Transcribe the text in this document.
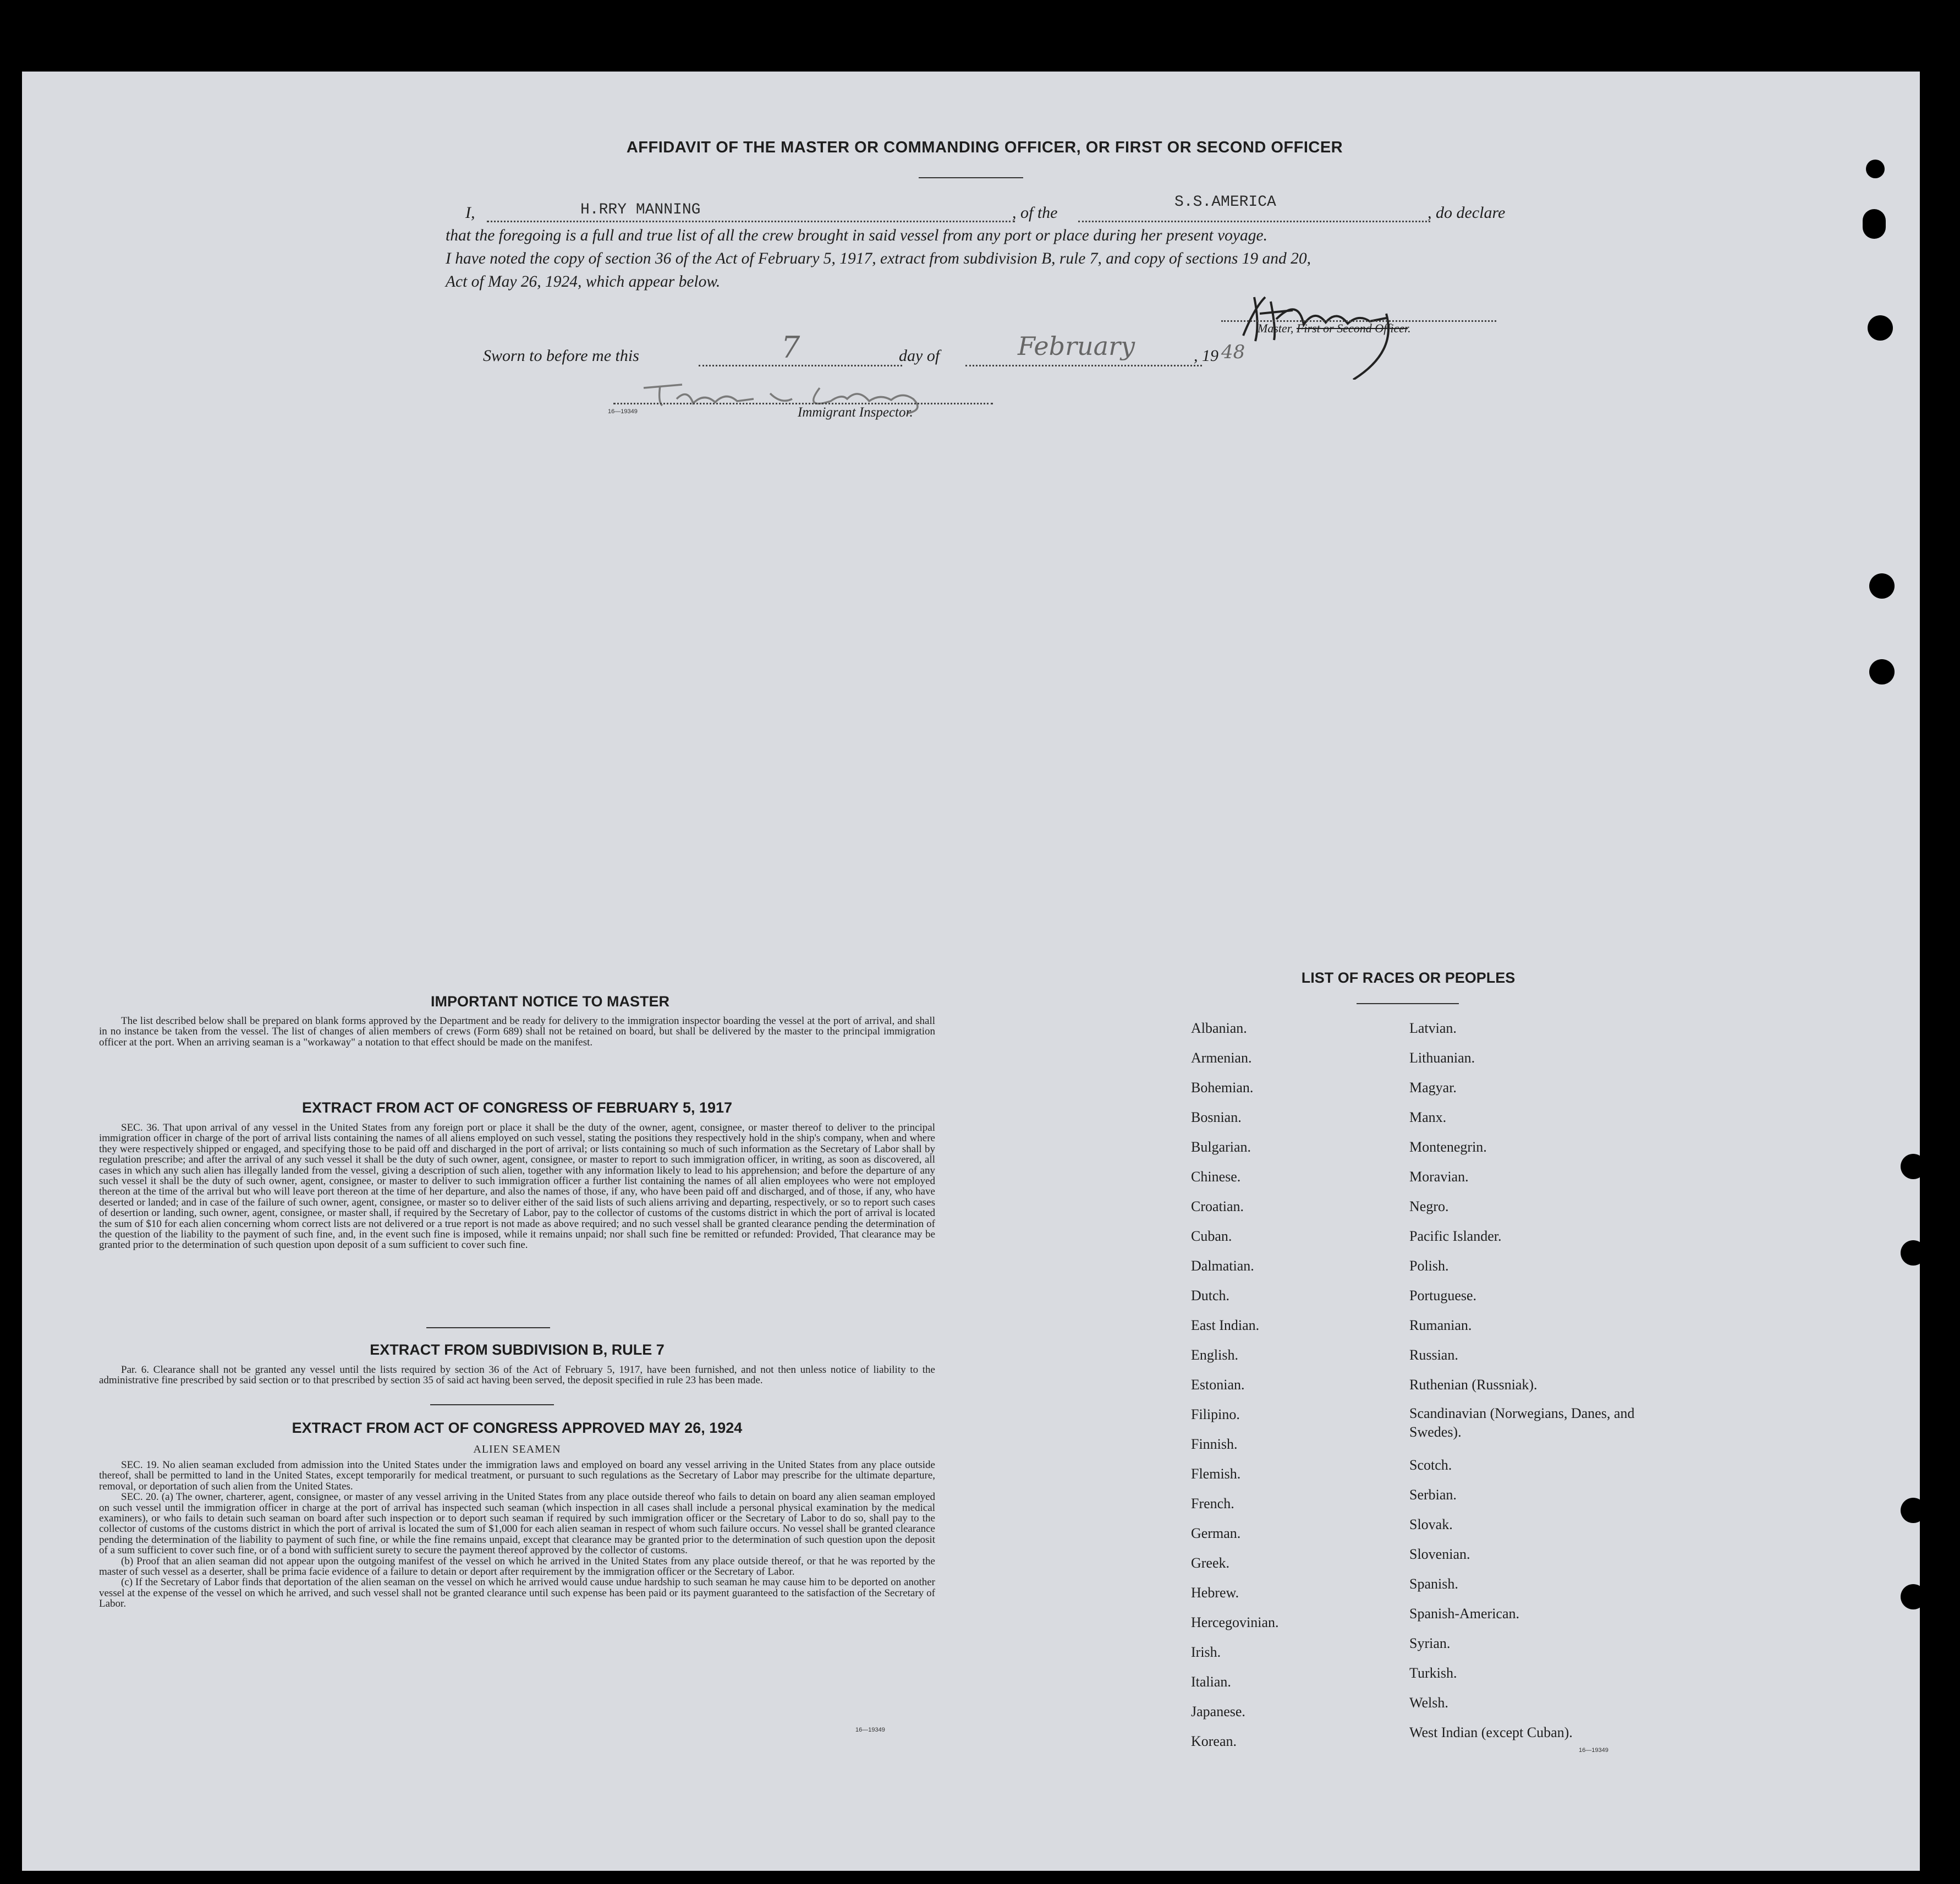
AFFIDAVIT OF THE MASTER OR COMMANDING OFFICER, OR FIRST OR SECOND OFFICER
I,	H.RRY MANNING	, of the
S.S.AMERICA
, do declare
that the foregoing is a full and true list of all the crew brought in said vessel from any port or place during her present voyage.
I have noted the copy of section 36 of the Act of February 5, 1917, extract from subdivision B, rule 7, and copy of sections 19 and 20,
Act of May 26, 1924, which appear below.
Master, First or Second Officer.
Sworn to before me this	7	day of	February	, 19 48
Immigrant Inspector.
16—19349
IMPORTANT NOTICE TO MASTER

The list described below shall be prepared on blank forms approved by the Department and be ready for delivery to the immigration inspector boarding the vessel at the port of arrival, and shall in no instance be taken from the vessel. The list of changes of alien members of crews (Form 689) shall not be retained on board, but shall be delivered by the master to the principal immigration officer at the port. When an arriving seaman is a "workaway" a notation to that effect should be made on the manifest.

EXTRACT FROM ACT OF CONGRESS OF FEBRUARY 5, 1917

SEC. 36. That upon arrival of any vessel in the United States from any foreign port or place it shall be the duty of the owner, agent, consignee, or master thereof to deliver to the principal immigration officer in charge of the port of arrival lists containing the names of all aliens employed on such vessel, stating the positions they respectively hold in the ship's company, when and where they were respectively shipped or engaged, and specifying those to be paid off and discharged in the port of arrival; or lists containing so much of such information as the Secretary of Labor shall by regulation prescribe; and after the arrival of any such vessel it shall be the duty of such owner, agent, consignee, or master to report to such immigration officer, in writing, as soon as discovered, all cases in which any such alien has illegally landed from the vessel, giving a description of such alien, together with any information likely to lead to his apprehension; and before the departure of any such vessel it shall be the duty of such owner, agent, consignee, or master to deliver to such immigration officer a further list containing the names of all alien employees who were not employed thereon at the time of the arrival but who will leave port thereon at the time of her departure, and also the names of those, if any, who have been paid off and discharged, and of those, if any, who have deserted or landed; and in case of the failure of such owner, agent, consignee, or master so to deliver either of the said lists of such aliens arriving and departing, respectively, or so to report such cases of desertion or landing, such owner, agent, consignee, or master shall, if required by the Secretary of Labor, pay to the collector of customs of the customs district in which the port of arrival is located the sum of $10 for each alien concerning whom correct lists are not delivered or a true report is not made as above required; and no such vessel shall be granted clearance pending the determination of the question of the liability to the payment of such fine, and, in the event such fine is imposed, while it remains unpaid; nor shall such fine be remitted or refunded: Provided, That clearance may be granted prior to the determination of such question upon deposit of a sum sufficient to cover such fine.

EXTRACT FROM SUBDIVISION B, RULE 7

Par. 6. Clearance shall not be granted any vessel until the lists required by section 36 of the Act of February 5, 1917, have been furnished, and not then unless notice of liability to the administrative fine prescribed by said section or to that prescribed by section 35 of said act having been served, the deposit specified in rule 23 has been made.

EXTRACT FROM ACT OF CONGRESS APPROVED MAY 26, 1924
ALIEN SEAMEN

SEC. 19. No alien seaman excluded from admission into the United States under the immigration laws and employed on board any vessel arriving in the United States from any place outside thereof, shall be permitted to land in the United States, except temporarily for medical treatment, or pursuant to such regulations as the Secretary of Labor may prescribe for the ultimate departure, removal, or deportation of such alien from the United States.

SEC. 20. (a) The owner, charterer, agent, consignee, or master of any vessel arriving in the United States from any place outside thereof who fails to detain on board any alien seaman employed on such vessel until the immigration officer in charge at the port of arrival has inspected such seaman (which inspection in all cases shall include a personal physical examination by the medical examiners), or who fails to detain such seaman on board after such inspection or to deport such seaman if required by such immigration officer or the Secretary of Labor to do so, shall pay to the collector of customs of the customs district in which the port of arrival is located the sum of $1,000 for each alien seaman in respect of whom such failure occurs. No vessel shall be granted clearance pending the determination of the liability to payment of such fine, or while the fine remains unpaid, except that clearance may be granted prior to the determination of such question upon the deposit of a sum sufficient to cover such fine, or of a bond with sufficient surety to secure the payment thereof approved by the collector of customs.

(b) Proof that an alien seaman did not appear upon the outgoing manifest of the vessel on which he arrived in the United States from any place outside thereof, or that he was reported by the master of such vessel as a deserter, shall be prima facie evidence of a failure to detain or deport after requirement by the immigration officer or the Secretary of Labor.

(c) If the Secretary of Labor finds that deportation of the alien seaman on the vessel on which he arrived would cause undue hardship to such seaman he may cause him to be deported on another vessel at the expense of the vessel on which he arrived, and such vessel shall not be granted clearance until such expense has been paid or its payment guaranteed to the satisfaction of the Secretary of Labor.

16—19349
LIST OF RACES OR PEOPLES
Albanian.
Armenian.
Bohemian.
Bosnian.
Bulgarian.
Chinese.
Croatian.
Cuban.
Dalmatian.
Dutch.
East Indian.
English.
Estonian.
Filipino.
Finnish.
Flemish.
French.
German.
Greek.
Hebrew.
Hercegovinian.
Irish.
Italian.
Japanese.
Korean.
Latvian.
Lithuanian.
Magyar.
Manx.
Montenegrin.
Moravian.
Negro.
Pacific Islander.
Polish.
Portuguese.
Rumanian.
Russian.
Ruthenian (Russniak).
Scandinavian (Norwegians, Danes, and Swedes).
Scotch.
Serbian.
Slovak.
Slovenian.
Spanish.
Spanish-American.
Syrian.
Turkish.
Welsh.
West Indian (except Cuban).
16—19349
